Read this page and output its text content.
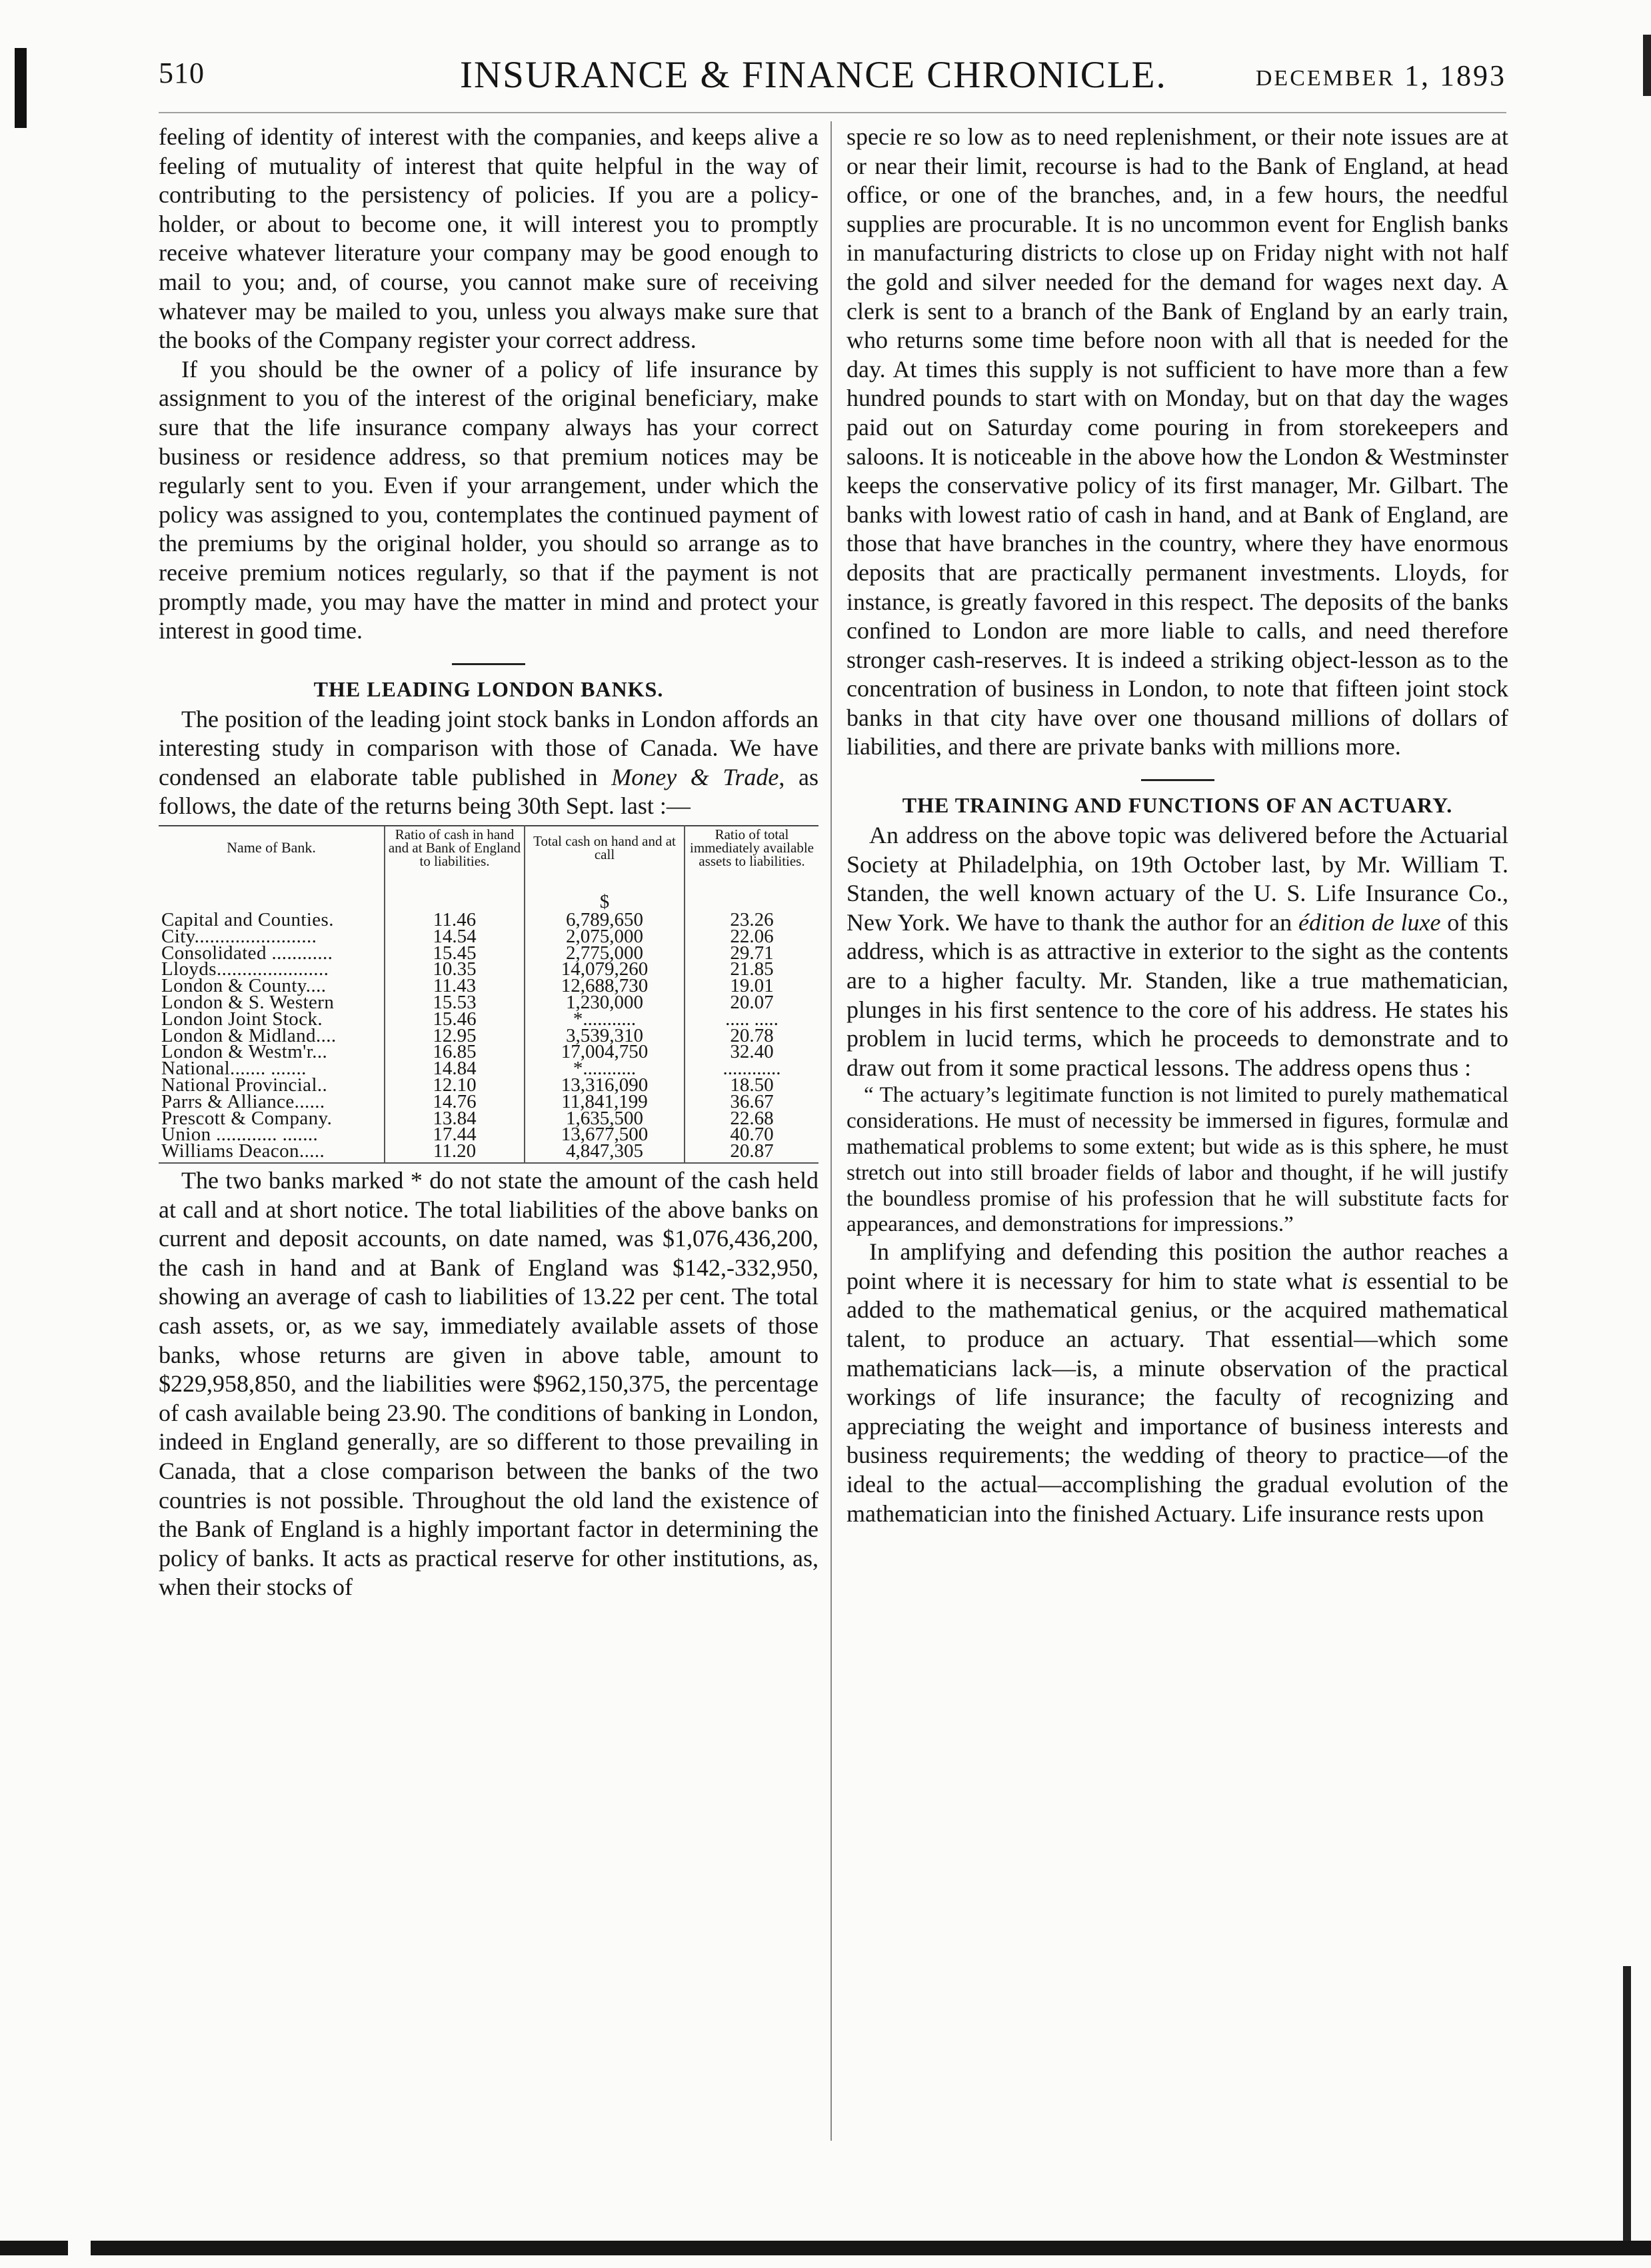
510	INSURANCE & FINANCE CHRONICLE.	DECEMBER 1, 1893

feeling of identity of interest with the companies, and keeps alive a feeling of mutuality of interest that quite helpful in the way of contributing to the persistency of policies. If you are a policy-holder, or about to become one, it will interest you to promptly receive whatever literature your company may be good enough to mail to you; and, of course, you cannot make sure of receiving whatever may be mailed to you, unless you always make sure that the books of the Company register your correct address.

If you should be the owner of a policy of life insurance by assignment to you of the interest of the original beneficiary, make sure that the life insurance company always has your correct business or residence address, so that premium notices may be regularly sent to you. Even if your arrangement, under which the policy was assigned to you, contemplates the continued payment of the premiums by the original holder, you should so arrange as to receive premium notices regularly, so that if the payment is not promptly made, you may have the matter in mind and protect your interest in good time.

THE LEADING LONDON BANKS.

The position of the leading joint stock banks in London affords an interesting study in comparison with those of Canada. We have condensed an elaborate table published in Money & Trade, as follows, the date of the returns being 30th Sept. last :—

Name of Bank.	Ratio of cash in hand and at Bank of England to liabilities.	Total cash on hand and at call	Ratio of total immediately available assets to liabilities.
		$	
Capital and Counties.	11.46	6,789,650	23.26
City........................	14.54	2,075,000	22.06
Consolidated ............	15.45	2,775,000	29.71
Lloyds......................	10.35	14,079,260	21.85
London & County....	11.43	12,688,730	19.01
London & S. Western	15.53	1,230,000	20.07
London Joint Stock.	15.46	*...........	..... .....
London & Midland....	12.95	3,539,310	20.78
London & Westm'r...	16.85	17,004,750	32.40
National....... .......	14.84	*...........	............
National Provincial..	12.10	13,316,090	18.50
Parrs & Alliance......	14.76	11,841,199	36.67
Prescott & Company.	13.84	1,635,500	22.68
Union ............ .......	17.44	13,677,500	40.70
Williams Deacon.....	11.20	4,847,305	20.87

The two banks marked * do not state the amount of the cash held at call and at short notice. The total liabilities of the above banks on current and deposit accounts, on date named, was $1,076,436,200, the cash in hand and at Bank of England was $142,-332,950, showing an average of cash to liabilities of 13.22 per cent. The total cash assets, or, as we say, immediately available assets of those banks, whose returns are given in above table, amount to $229,958,850, and the liabilities were $962,150,375, the percentage of cash available being 23.90. The conditions of banking in London, indeed in England generally, are so different to those prevailing in Canada, that a close comparison between the banks of the two countries is not possible. Throughout the old land the existence of the Bank of England is a highly important factor in determining the policy of banks. It acts as practical reserve for other institutions, as, when their stocks of

specie re so low as to need replenishment, or their note issues are at or near their limit, recourse is had to the Bank of England, at head office, or one of the branches, and, in a few hours, the needful supplies are procurable. It is no uncommon event for English banks in manufacturing districts to close up on Friday night with not half the gold and silver needed for the demand for wages next day. A clerk is sent to a branch of the Bank of England by an early train, who returns some time before noon with all that is needed for the day. At times this supply is not sufficient to have more than a few hundred pounds to start with on Monday, but on that day the wages paid out on Saturday come pouring in from storekeepers and saloons. It is noticeable in the above how the London & Westminster keeps the conservative policy of its first manager, Mr. Gilbart. The banks with lowest ratio of cash in hand, and at Bank of England, are those that have branches in the country, where they have enormous deposits that are practically permanent investments. Lloyds, for instance, is greatly favored in this respect. The deposits of the banks confined to London are more liable to calls, and need therefore stronger cash-reserves. It is indeed a striking object-lesson as to the concentration of business in London, to note that fifteen joint stock banks in that city have over one thousand millions of dollars of liabilities, and there are private banks with millions more.

THE TRAINING AND FUNCTIONS OF AN ACTUARY.

An address on the above topic was delivered before the Actuarial Society at Philadelphia, on 19th October last, by Mr. William T. Standen, the well known actuary of the U. S. Life Insurance Co., New York. We have to thank the author for an édition de luxe of this address, which is as attractive in exterior to the sight as the contents are to a higher faculty. Mr. Standen, like a true mathematician, plunges in his first sentence to the core of his address. He states his problem in lucid terms, which he proceeds to demonstrate and to draw out from it some practical lessons. The address opens thus :

“ The actuary’s legitimate function is not limited to purely mathematical considerations. He must of necessity be immersed in figures, formulæ and mathematical problems to some extent; but wide as is this sphere, he must stretch out into still broader fields of labor and thought, if he will justify the boundless promise of his profession that he will substitute facts for appearances, and demonstrations for impressions.”

In amplifying and defending this position the author reaches a point where it is necessary for him to state what is essential to be added to the mathematical genius, or the acquired mathematical talent, to produce an actuary. That essential—which some mathematicians lack—is, a minute observation of the practical workings of life insurance; the faculty of recognizing and appreciating the weight and importance of business interests and business requirements; the wedding of theory to practice—of the ideal to the actual—accomplishing the gradual evolution of the mathematician into the finished Actuary. Life insurance rests upon
